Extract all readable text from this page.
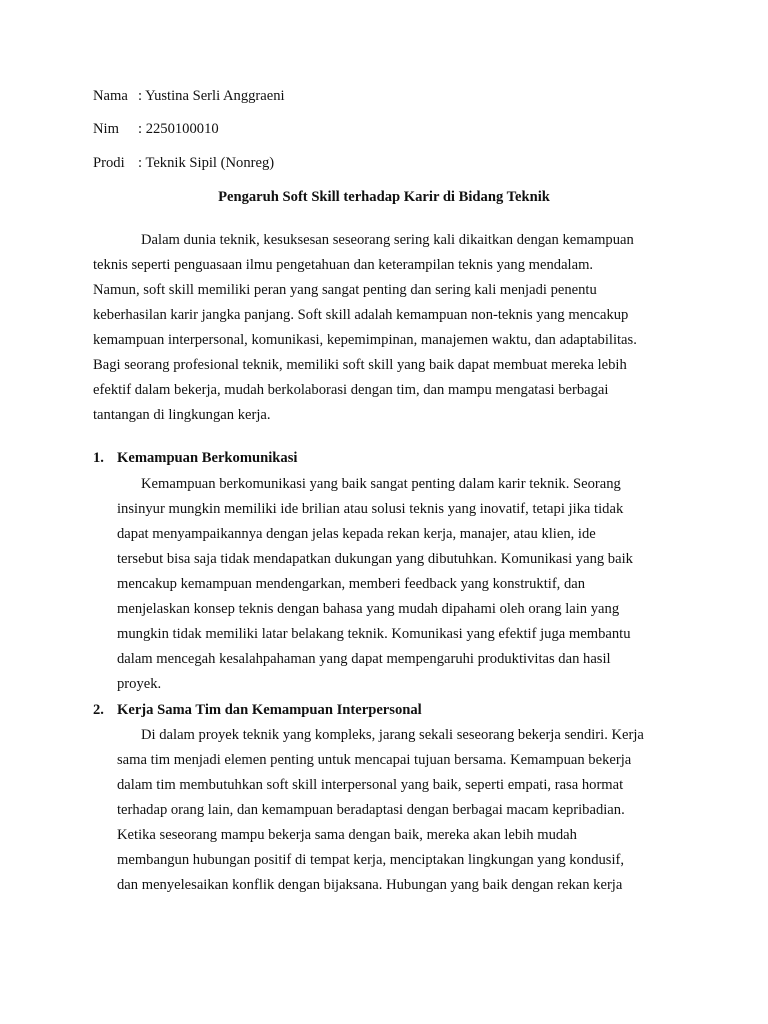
Nama : Yustina Serli Anggraeni
Nim : 2250100010
Prodi : Teknik Sipil (Nonreg)
Pengaruh Soft Skill terhadap Karir di Bidang Teknik
Dalam dunia teknik, kesuksesan seseorang sering kali dikaitkan dengan kemampuan
teknis seperti penguasaan ilmu pengetahuan dan keterampilan teknis yang mendalam.
Namun, soft skill memiliki peran yang sangat penting dan sering kali menjadi penentu
keberhasilan karir jangka panjang. Soft skill adalah kemampuan non-teknis yang mencakup
kemampuan interpersonal, komunikasi, kepemimpinan, manajemen waktu, dan adaptabilitas.
Bagi seorang profesional teknik, memiliki soft skill yang baik dapat membuat mereka lebih
efektif dalam bekerja, mudah berkolaborasi dengan tim, dan mampu mengatasi berbagai
tantangan di lingkungan kerja.
1. Kemampuan Berkomunikasi
Kemampuan berkomunikasi yang baik sangat penting dalam karir teknik. Seorang
insinyur mungkin memiliki ide brilian atau solusi teknis yang inovatif, tetapi jika tidak
dapat menyampaikannya dengan jelas kepada rekan kerja, manajer, atau klien, ide
tersebut bisa saja tidak mendapatkan dukungan yang dibutuhkan. Komunikasi yang baik
mencakup kemampuan mendengarkan, memberi feedback yang konstruktif, dan
menjelaskan konsep teknis dengan bahasa yang mudah dipahami oleh orang lain yang
mungkin tidak memiliki latar belakang teknik. Komunikasi yang efektif juga membantu
dalam mencegah kesalahpahaman yang dapat mempengaruhi produktivitas dan hasil
proyek.
2. Kerja Sama Tim dan Kemampuan Interpersonal
Di dalam proyek teknik yang kompleks, jarang sekali seseorang bekerja sendiri. Kerja
sama tim menjadi elemen penting untuk mencapai tujuan bersama. Kemampuan bekerja
dalam tim membutuhkan soft skill interpersonal yang baik, seperti empati, rasa hormat
terhadap orang lain, dan kemampuan beradaptasi dengan berbagai macam kepribadian.
Ketika seseorang mampu bekerja sama dengan baik, mereka akan lebih mudah
membangun hubungan positif di tempat kerja, menciptakan lingkungan yang kondusif,
dan menyelesaikan konflik dengan bijaksana. Hubungan yang baik dengan rekan kerja
